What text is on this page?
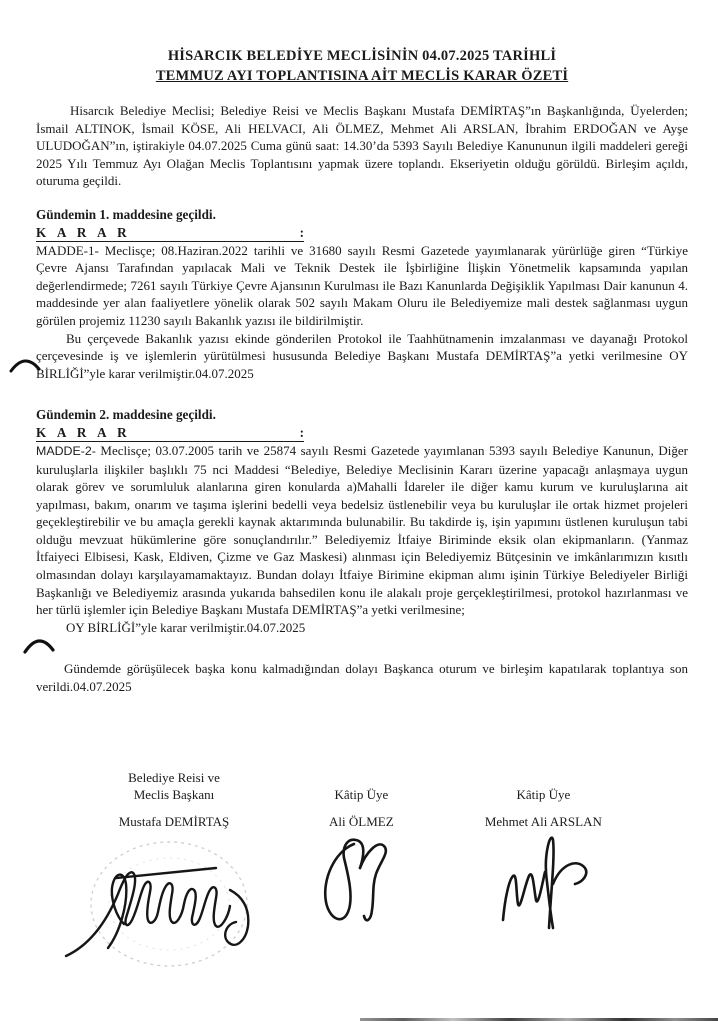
HİSARCIK BELEDİYE MECLİSİNİN 04.07.2025 TARİHLİ
TEMMUZ AYI TOPLANTISINA AİT MECLİS KARAR ÖZETİ

Hisarcık Belediye Meclisi; Belediye Reisi ve Meclis Başkanı Mustafa DEMİRTAŞ”ın Başkanlığında, Üyelerden; İsmail ALTINOK, İsmail KÖSE, Ali HELVACI, Ali ÖLMEZ, Mehmet Ali ARSLAN, İbrahim ERDOĞAN ve Ayşe ULUDOĞAN”ın, iştirakiyle 04.07.2025 Cuma günü saat: 14.30’da 5393 Sayılı Belediye Kanununun ilgili maddeleri gereği 2025 Yılı Temmuz Ayı Olağan Meclis Toplantısını yapmak üzere toplandı. Ekseriyetin olduğu görüldü. Birleşim açıldı, oturuma geçildi.

Gündemin 1. maddesine geçildi.
K A R A R	:

MADDE-1- Meclisçe; 08.Haziran.2022 tarihli ve 31680 sayılı Resmi Gazetede yayımlanarak yürürlüğe giren “Türkiye Çevre Ajansı Tarafından yapılacak Mali ve Teknik Destek ile İşbirliğine İlişkin Yönetmelik kapsamında yapılan değerlendirmede; 7261 sayılı Türkiye Çevre Ajansının Kurulması ile Bazı Kanunlarda Değişiklik Yapılması Dair kanunun 4. maddesinde yer alan faaliyetlere yönelik olarak 502 sayılı Makam Oluru ile Belediyemize mali destek sağlanması uygun görülen projemiz 11230 sayılı Bakanlık yazısı ile bildirilmiştir.

Bu çerçevede Bakanlık yazısı ekinde gönderilen Protokol ile Taahhütnamenin imzalanması ve dayanağı Protokol çerçevesinde iş ve işlemlerin yürütülmesi hususunda Belediye Başkanı Mustafa DEMİRTAŞ”a yetki verilmesine OY BİRLİĞİ”yle karar verilmiştir.04.07.2025

Gündemin 2. maddesine geçildi.
K A R A R	:

MADDE-2- Meclisçe; 03.07.2005 tarih ve 25874 sayılı Resmi Gazetede yayımlanan 5393 sayılı Belediye Kanunun, Diğer kuruluşlarla ilişkiler başlıklı 75 nci Maddesi “Belediye, Belediye Meclisinin Kararı üzerine yapacağı anlaşmaya uygun olarak görev ve sorumluluk alanlarına giren konularda a)Mahalli İdareler ile diğer kamu kurum ve kuruluşlarına ait yapılması, bakım, onarım ve taşıma işlerini bedelli veya bedelsiz üstlenebilir veya bu kuruluşlar ile ortak hizmet projeleri geçekleştirebilir ve bu amaçla gerekli kaynak aktarımında bulunabilir. Bu takdirde iş, işin yapımını üstlenen kuruluşun tabi olduğu mevzuat hükümlerine göre sonuçlandırılır.” Belediyemiz İtfaiye Biriminde eksik olan ekipmanların. (Yanmaz İtfaiyeci Elbisesi, Kask, Eldiven, Çizme ve Gaz Maskesi) alınması için Belediyemiz Bütçesinin ve imkânlarımızın kısıtlı olmasından dolayı karşılayamamaktayız. Bundan dolayı İtfaiye Birimine ekipman alımı işinin Türkiye Belediyeler Birliği Başkanlığı ve Belediyemiz arasında yukarıda bahsedilen konu ile alakalı proje gerçekleştirilmesi, protokol hazırlanması ve her türlü işlemler için Belediye Başkanı Mustafa DEMİRTAŞ”a yetki verilmesine;

OY BİRLİĞİ”yle karar verilmiştir.04.07.2025

Gündemde görüşülecek başka konu kalmadığından dolayı Başkanca oturum ve birleşim kapatılarak toplantıya son verildi.04.07.2025

Belediye Reisi ve
Meclis Başkanı
Mustafa DEMİRTAŞ
Kâtip Üye
Ali ÖLMEZ
Kâtip Üye
Mehmet Ali ARSLAN
